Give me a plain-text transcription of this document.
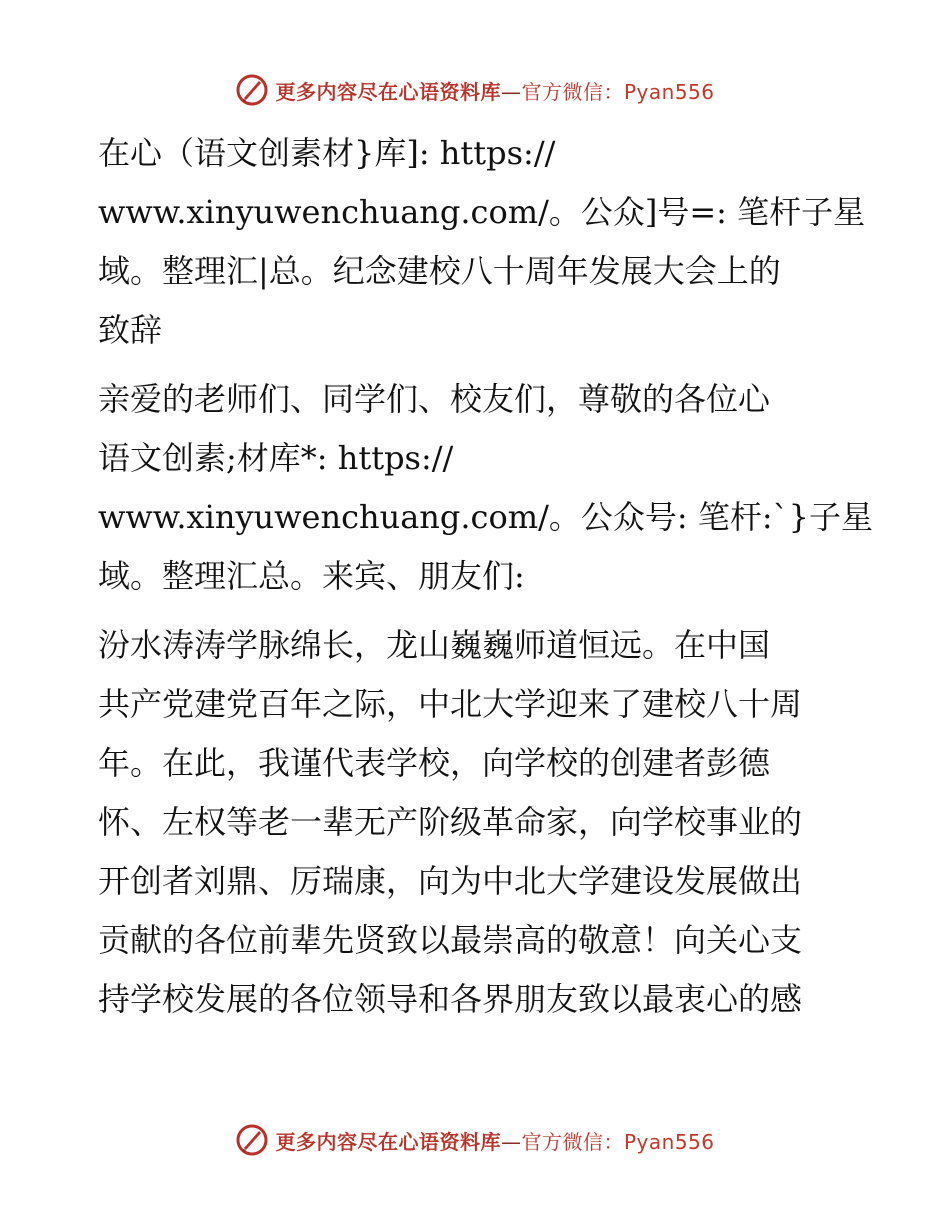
更多内容尽在心语资料库—官方微信：Pyan556

在心（语文创素材}库]: https://
www.xinyuwenchuang.com/。公众]号=: 笔杆子星
域。整理汇|总。纪念建校八十周年发展大会上的
致辞

亲爱的老师们、同学们、校友们，尊敬的各位心
语文创素;材库*: https://
www.xinyuwenchuang.com/。公众号: 笔杆:`}子星
域。整理汇总。来宾、朋友们:

汾水涛涛学脉绵长，龙山巍巍师道恒远。在中国
共产党建党百年之际，中北大学迎来了建校八十周
年。在此，我谨代表学校，向学校的创建者彭德
怀、左权等老一辈无产阶级革命家，向学校事业的
开创者刘鼎、厉瑞康，向为中北大学建设发展做出
贡献的各位前辈先贤致以最崇高的敬意！向关心支
持学校发展的各位领导和各界朋友致以最衷心的感

更多内容尽在心语资料库—官方微信：Pyan556
